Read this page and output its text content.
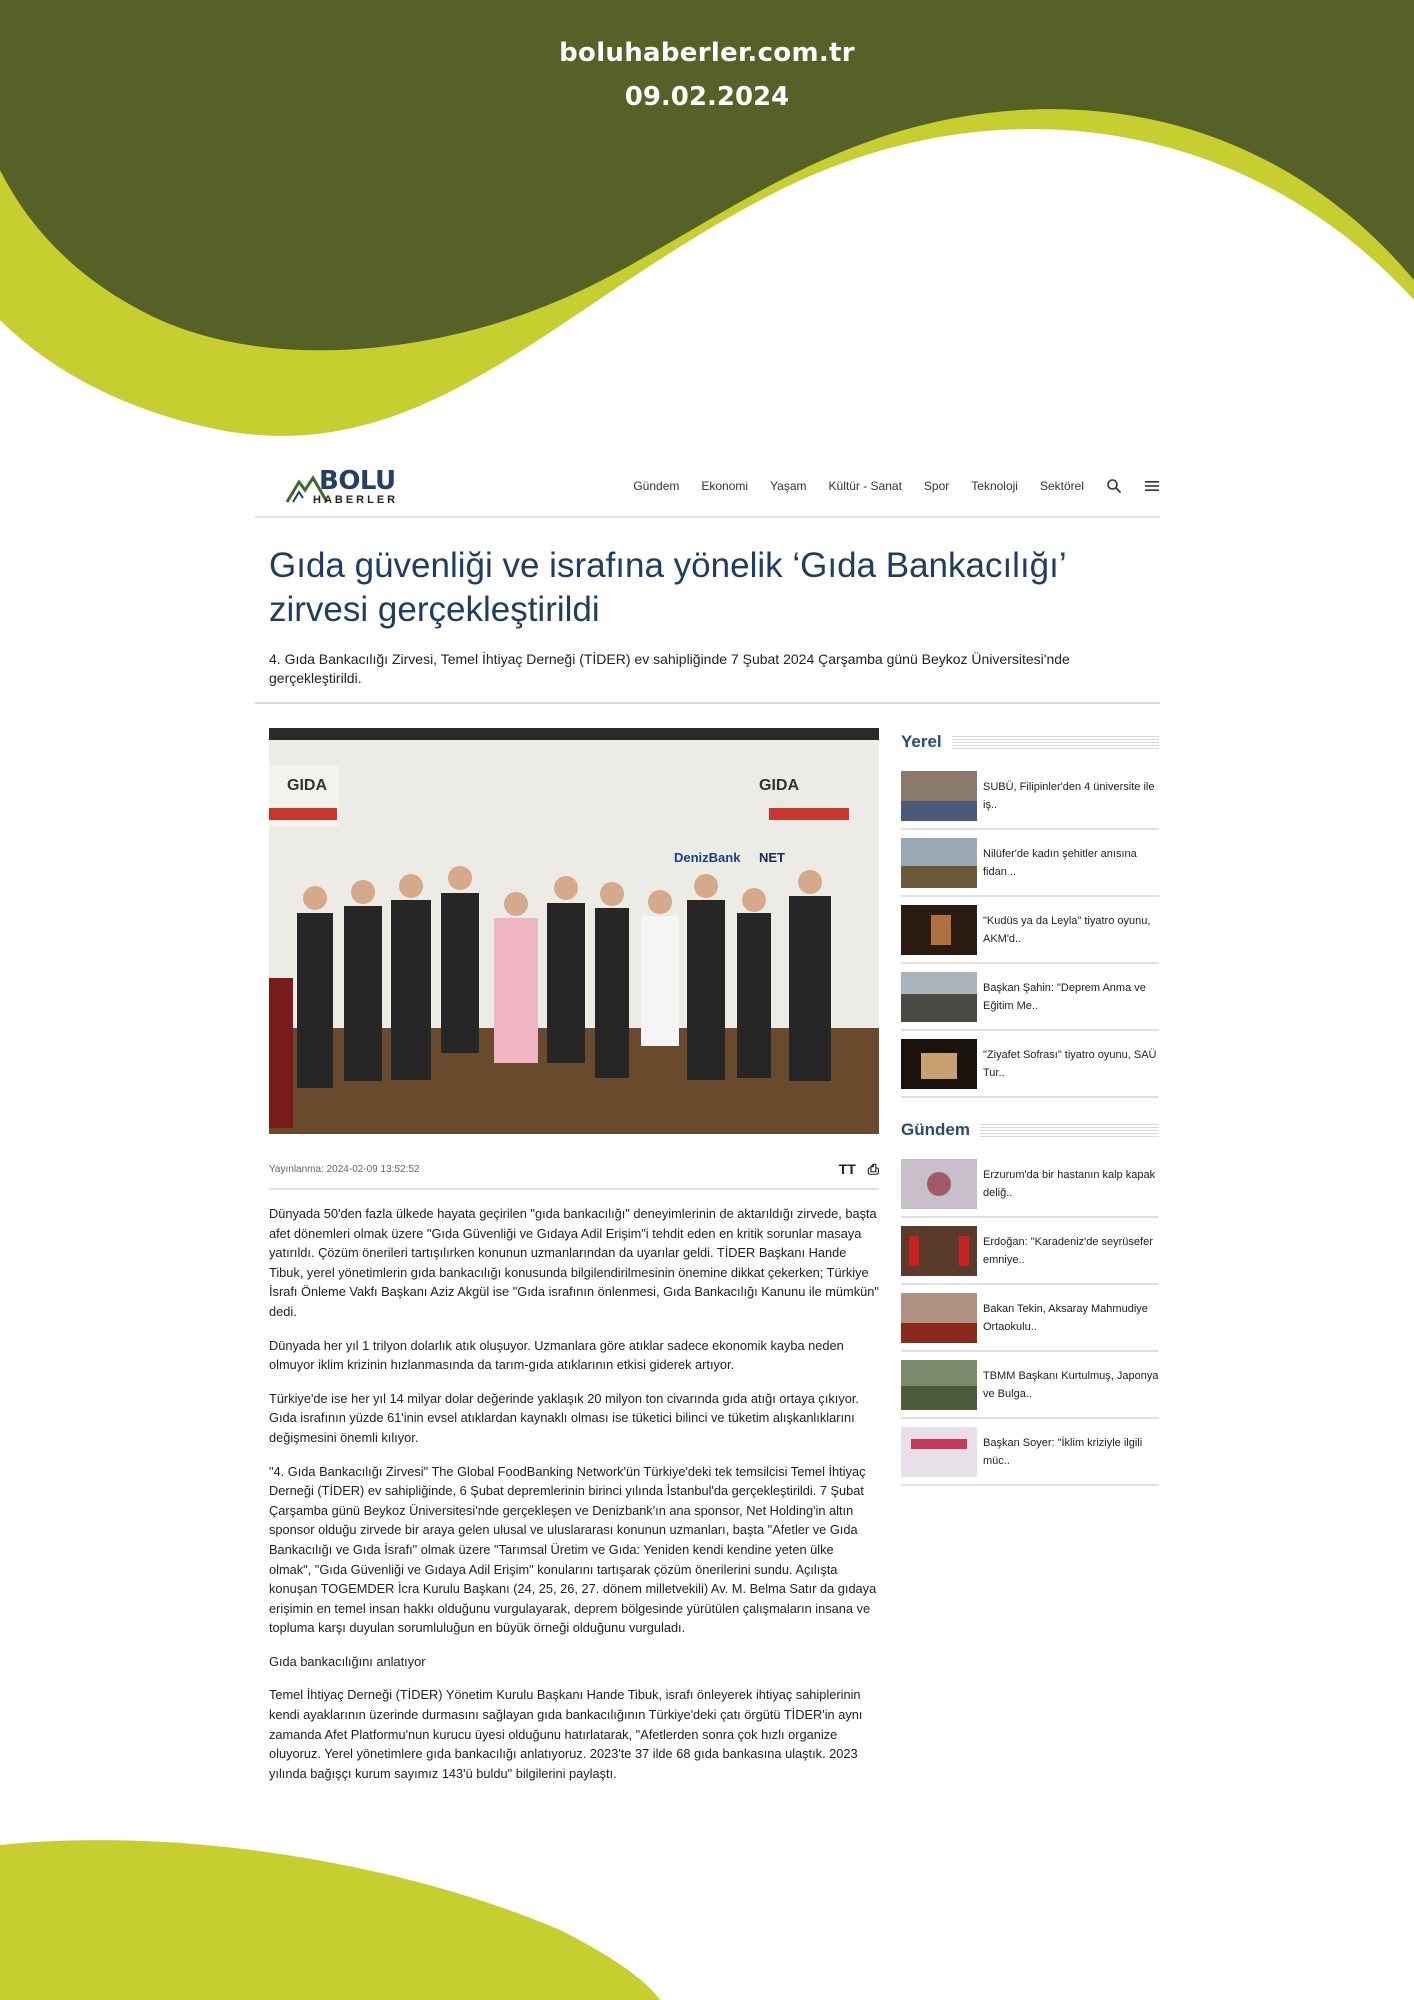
boluhaberler.com.tr
09.02.2024
BOLU
HABERLER
Gündem Ekonomi Yaşam Kültür - Sanat Spor Teknoloji Sektörel
Gıda güvenliği ve israfına yönelik ‘Gıda Bankacılığı’ zirvesi gerçekleştirildi
4. Gıda Bankacılığı Zirvesi, Temel İhtiyaç Derneği (TİDER) ev sahipliğinde 7 Şubat 2024 Çarşamba günü Beykoz Üniversitesi'nde gerçekleştirildi.
GIDA	GIDA
DenizBank NET
Yayınlanma: 2024-02-09 13:52:52	TT ⎙

Dünyada 50'den fazla ülkede hayata geçirilen "gıda bankacılığı" deneyimlerinin de aktarıldığı zirvede, başta afet dönemleri olmak üzere "Gıda Güvenliği ve Gıdaya Adil Erişim"i tehdit eden en kritik sorunlar masaya yatırıldı. Çözüm önerileri tartışılırken konunun uzmanlarından da uyarılar geldi. TİDER Başkanı Hande Tibuk, yerel yönetimlerin gıda bankacılığı konusunda bilgilendirilmesinin önemine dikkat çekerken; Türkiye İsrafı Önleme Vakfı Başkanı Aziz Akgül ise "Gıda israfının önlenmesi, Gıda Bankacılığı Kanunu ile mümkün" dedi.

Dünyada her yıl 1 trilyon dolarlık atık oluşuyor. Uzmanlara göre atıklar sadece ekonomik kayba neden olmuyor iklim krizinin hızlanmasında da tarım-gıda atıklarının etkisi giderek artıyor.

Türkiye'de ise her yıl 14 milyar dolar değerinde yaklaşık 20 milyon ton civarında gıda atığı ortaya çıkıyor. Gıda israfının yüzde 61'inin evsel atıklardan kaynaklı olması ise tüketici bilinci ve tüketim alışkanlıklarını değişmesini önemli kılıyor.

"4. Gıda Bankacılığı Zirvesi" The Global FoodBanking Network'ün Türkiye'deki tek temsilcisi Temel İhtiyaç Derneği (TİDER) ev sahipliğinde, 6 Şubat depremlerinin birinci yılında İstanbul'da gerçekleştirildi. 7 Şubat Çarşamba günü Beykoz Üniversitesi'nde gerçekleşen ve Denizbank'ın ana sponsor, Net Holding'in altın sponsor olduğu zirvede bir araya gelen ulusal ve uluslararası konunun uzmanları, başta "Afetler ve Gıda Bankacılığı ve Gıda İsrafı" olmak üzere "Tarımsal Üretim ve Gıda: Yeniden kendi kendine yeten ülke olmak", "Gıda Güvenliği ve Gıdaya Adil Erişim" konularını tartışarak çözüm önerilerini sundu. Açılışta konuşan TOGEMDER İcra Kurulu Başkanı (24, 25, 26, 27. dönem milletvekili) Av. M. Belma Satır da gıdaya erişimin en temel insan hakkı olduğunu vurgulayarak, deprem bölgesinde yürütülen çalışmaların insana ve topluma karşı duyulan sorumluluğun en büyük örneği olduğunu vurguladı.

Gıda bankacılığını anlatıyor

Temel İhtiyaç Derneği (TİDER) Yönetim Kurulu Başkanı Hande Tibuk, israfı önleyerek ihtiyaç sahiplerinin kendi ayaklarının üzerinde durmasını sağlayan gıda bankacılığının Türkiye'deki çatı örgütü TİDER'in aynı zamanda Afet Platformu'nun kurucu üyesi olduğunu hatırlatarak, "Afetlerden sonra çok hızlı organize oluyoruz. Yerel yönetimlere gıda bankacılığı anlatıyoruz. 2023'te 37 ilde 68 gıda bankasına ulaştık. 2023 yılında bağışçı kurum sayımız 143'ü buldu" bilgilerini paylaştı.

Yerel
SUBÜ, Filipinler'den 4 üniversite ile iş..
Nilüfer'de kadın şehitler anısına fidan ..
"Kudüs ya da Leyla" tiyatro oyunu, AKM'd..
Başkan Şahin: "Deprem Anma ve Eğitim Me..
"Ziyafet Sofrası" tiyatro oyunu, SAÜ Tur..
Gündem
Erzurum'da bir hastanın kalp kapak deliğ..
Erdoğan: "Karadeniz'de seyrüsefer emniye..
Bakan Tekin, Aksaray Mahmudiye Ortaokulu..
TBMM Başkanı Kurtulmuş, Japonya ve Bulga..
Başkan Soyer: "İklim kriziyle ilgili müc..
